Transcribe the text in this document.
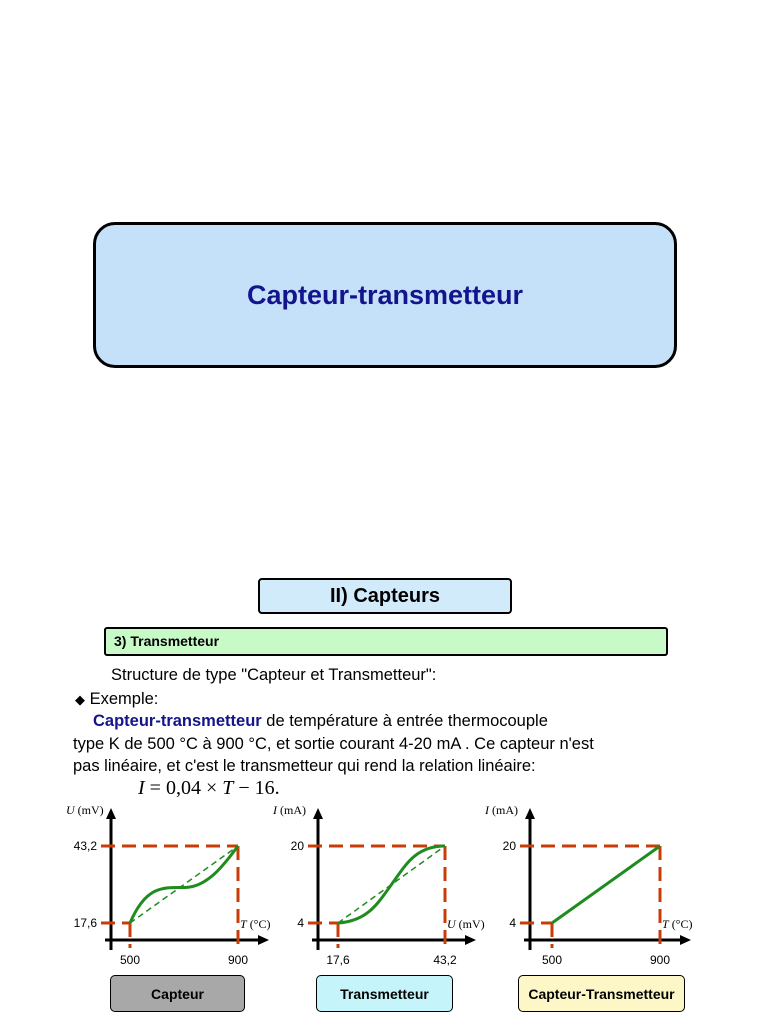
Capteur-transmetteur
II) Capteurs
3) Transmetteur
Structure de type "Capteur et Transmetteur":
◆ Exemple:
Capteur-transmetteur de température à entrée thermocouple
type K de 500 °C à 900 °C, et sortie courant 4-20 mA . Ce capteur n'est
pas linéaire, et c'est le transmetteur qui rend la relation linéaire:
I = 0,04 × T − 16.
43,2
17,6
500	900
U (mV)
T (°C)
20
4
17,6	43,2
I (mA)
U (mV)
20
4
500	900
I (mA)
T (°C)
Capteur	Transmetteur	Capteur-Transmetteur
